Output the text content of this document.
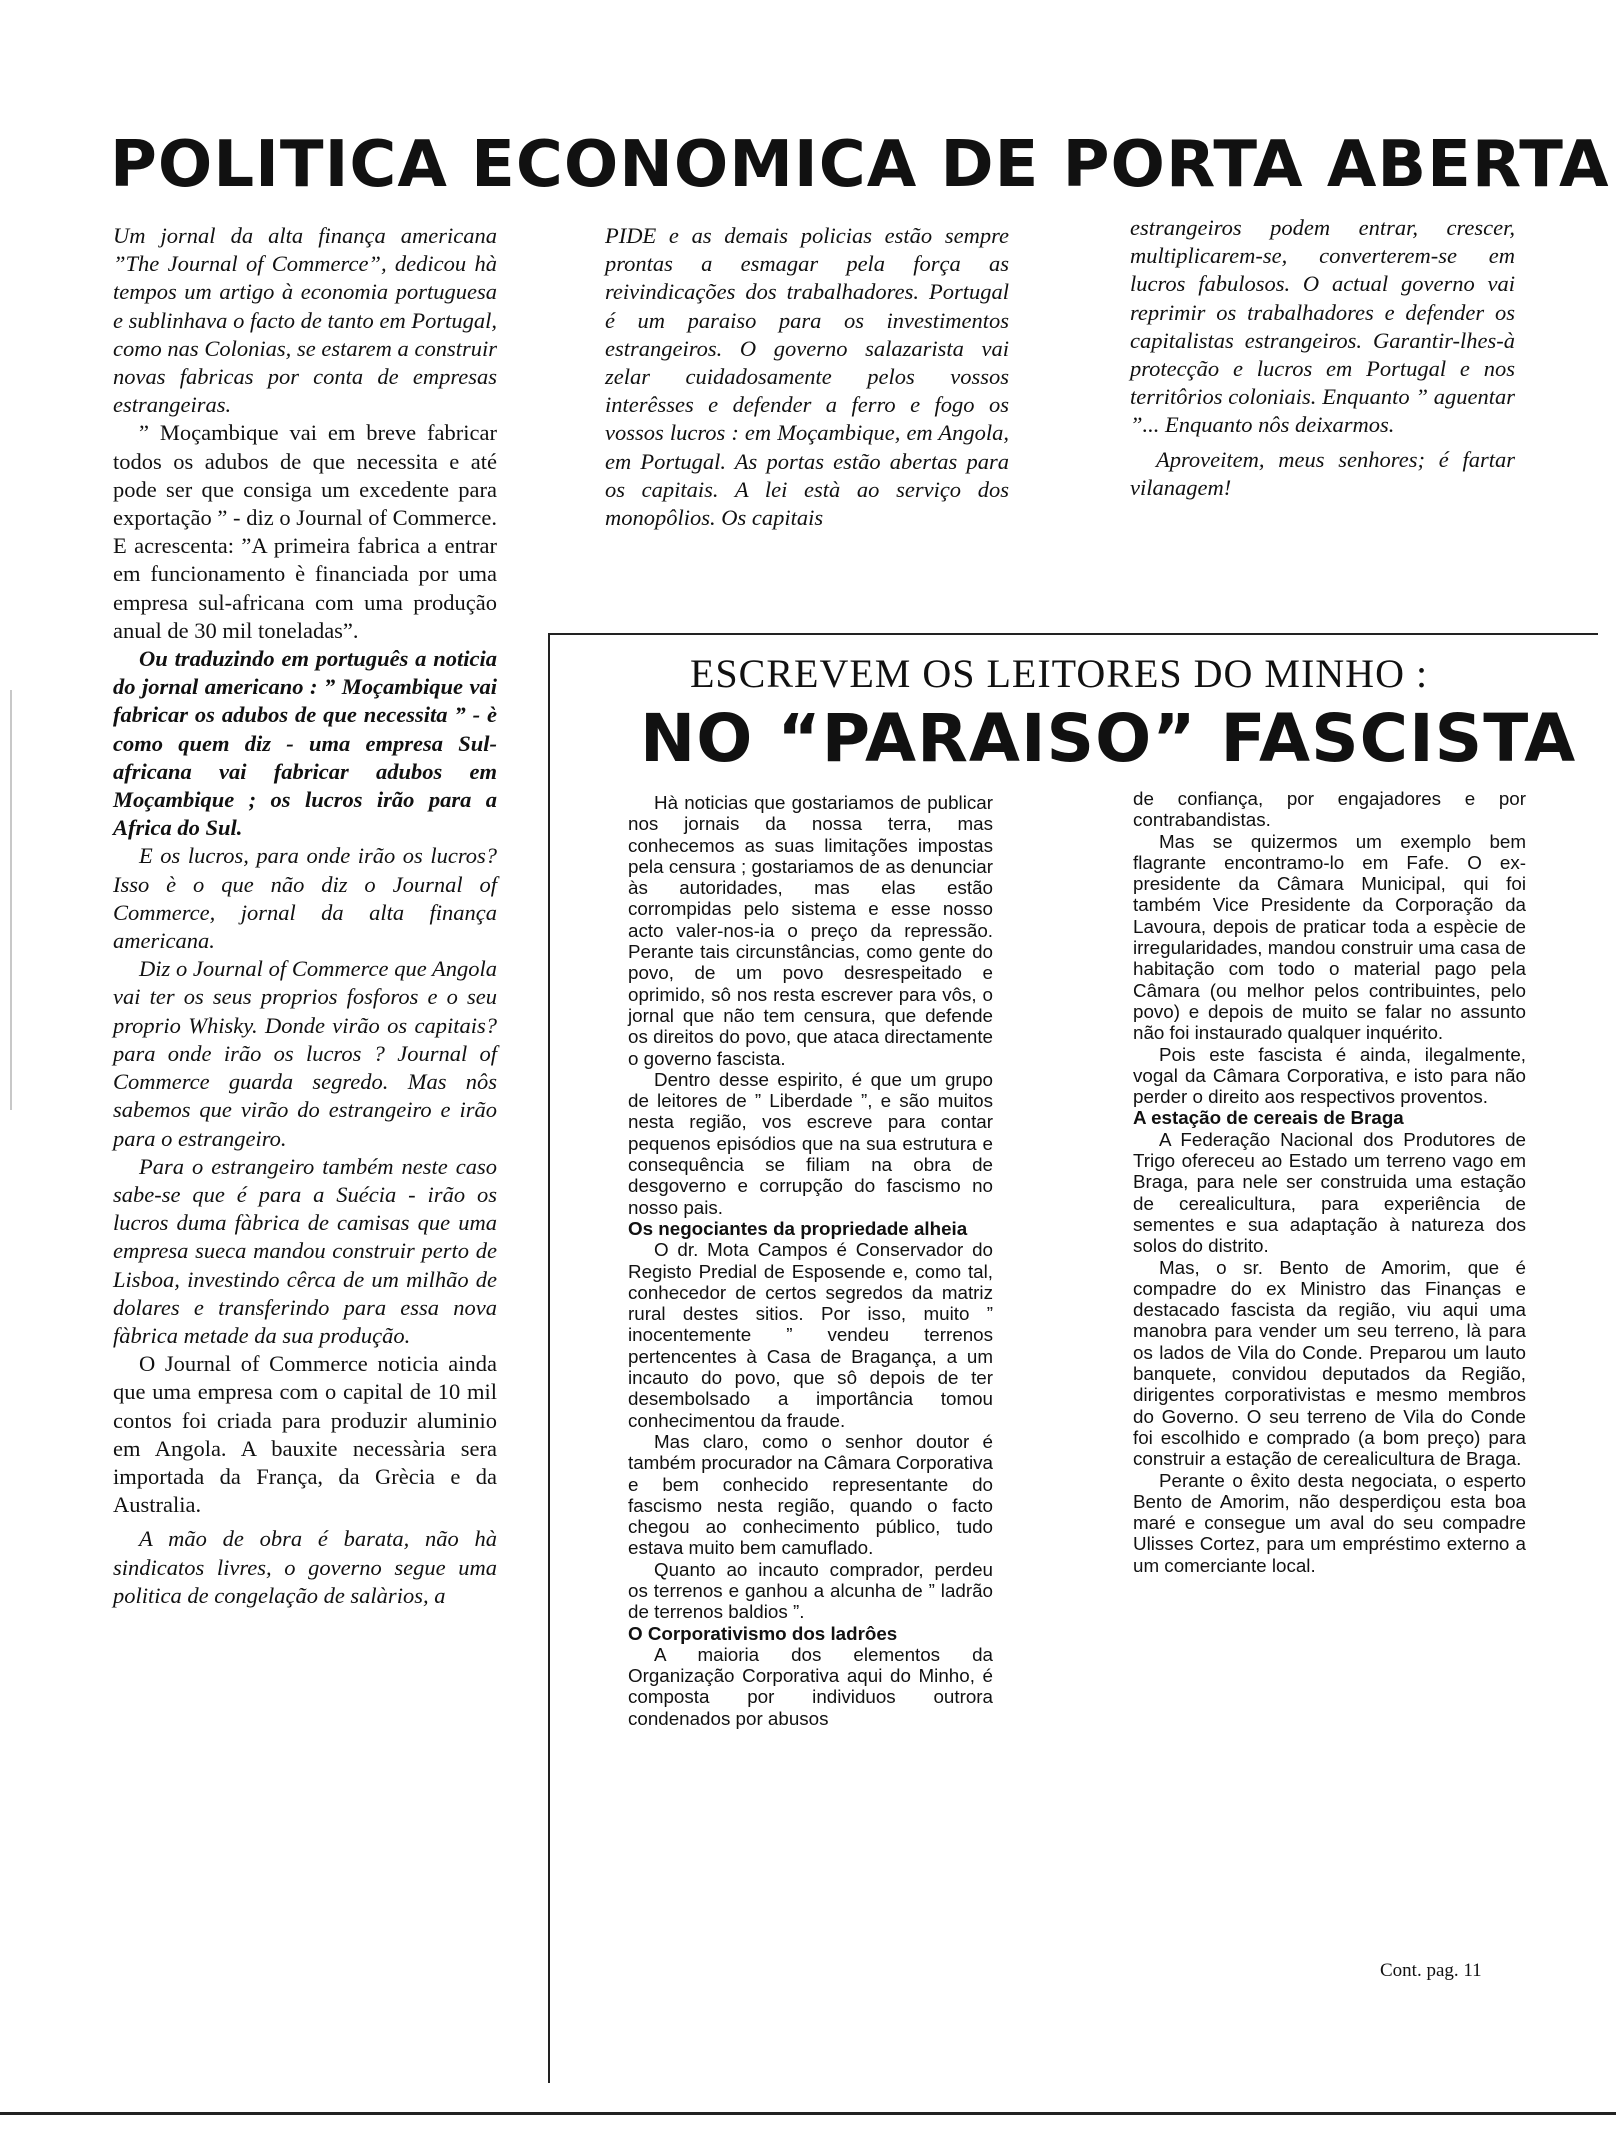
POLITICA ECONOMICA DE PORTA ABERTA

Um jornal da alta finança americana ”The Journal of Commerce”, dedicou hà tempos um artigo à economia portuguesa e sublinhava o facto de tanto em Portugal, como nas Colonias, se estarem a construir novas fabricas por conta de empresas estrangeiras.

” Moçambique vai em breve fabricar todos os adubos de que necessita e até pode ser que consiga um excedente para exportação ” - diz o Journal of Commerce. E acrescenta: ”A primeira fabrica a entrar em funcionamento è financiada por uma empresa sul-africana com uma produção anual de 30 mil toneladas”.

Ou traduzindo em português a noticia do jornal americano : ” Moçambique vai fabricar os adubos de que necessita ” - è como quem diz - uma empresa Sul-africana vai fabricar adubos em Moçambique ; os lucros irão para a Africa do Sul.

E os lucros, para onde irão os lucros? Isso è o que não diz o Journal of Commerce, jornal da alta finança americana.

Diz o Journal of Commerce que Angola vai ter os seus proprios fosforos e o seu proprio Whisky. Donde virão os capitais? para onde irão os lucros ? Journal of Commerce guarda segredo. Mas nôs sabemos que virão do estrangeiro e irão para o estrangeiro.

Para o estrangeiro também neste caso sabe-se que é para a Suécia - irão os lucros duma fàbrica de camisas que uma empresa sueca mandou construir perto de Lisboa, investindo cêrca de um milhão de dolares e transferindo para essa nova fàbrica metade da sua produção.

O Journal of Commerce noticia ainda que uma empresa com o capital de 10 mil contos foi criada para produzir aluminio em Angola. A bauxite necessària sera importada da França, da Grècia e da Australia.

A mão de obra é barata, não hà sindicatos livres, o governo segue uma politica de congelação de salàrios, a

PIDE e as demais policias estão sempre prontas a esmagar pela força as reivindicações dos trabalhadores. Portugal é um paraiso para os investimentos estrangeiros. O governo salazarista vai zelar cuidadosamente pelos vossos interêsses e defender a ferro e fogo os vossos lucros : em Moçambique, em Angola, em Portugal. As portas estão abertas para os capitais. A lei està ao serviço dos monopôlios. Os capitais

estrangeiros podem entrar, crescer, multiplicarem-se, converterem-se em lucros fabulosos. O actual governo vai reprimir os trabalhadores e defender os capitalistas estrangeiros. Garantir-lhes-à protecção e lucros em Portugal e nos territôrios coloniais. Enquanto ” aguentar ”... Enquanto nôs deixarmos.

Aproveitem, meus senhores; é fartar vilanagem!

ESCREVEM OS LEITORES DO MINHO :
NO “PARAISO” FASCISTA

Hà noticias que gostariamos de publicar nos jornais da nossa terra, mas conhecemos as suas limitações impostas pela censura ; gostariamos de as denunciar às autoridades, mas elas estão corrompidas pelo sistema e esse nosso acto valer-nos-ia o preço da repressão. Perante tais circunstâncias, como gente do povo, de um povo desrespeitado e oprimido, sô nos resta escrever para vôs, o jornal que não tem censura, que defende os direitos do povo, que ataca directamente o governo fascista.

Dentro desse espirito, é que um grupo de leitores de ” Liberdade ”, e são muitos nesta região, vos escreve para contar pequenos episódios que na sua estrutura e consequência se filiam na obra de desgoverno e corrupção do fascismo no nosso pais.

Os negociantes da propriedade alheia

O dr. Mota Campos é Conservador do Registo Predial de Esposende e, como tal, conhecedor de certos segredos da matriz rural destes sitios. Por isso, muito ” inocentemente ” vendeu terrenos pertencentes à Casa de Bragança, a um incauto do povo, que sô depois de ter desembolsado a importância tomou conhecimentou da fraude.

Mas claro, como o senhor doutor é também procurador na Câmara Corporativa e bem conhecido representante do fascismo nesta região, quando o facto chegou ao conhecimento público, tudo estava muito bem camuflado.

Quanto ao incauto comprador, perdeu os terrenos e ganhou a alcunha de ” ladrão de terrenos baldios ”.

O Corporativismo dos ladrôes

A maioria dos elementos da Organização Corporativa aqui do Minho, é composta por individuos outrora condenados por abusos

de confiança, por engajadores e por contrabandistas.

Mas se quizermos um exemplo bem flagrante encontramo-lo em Fafe. O ex-presidente da Câmara Municipal, qui foi também Vice Presidente da Corporação da Lavoura, depois de praticar toda a espècie de irregularidades, mandou construir uma casa de habitação com todo o material pago pela Câmara (ou melhor pelos contribuintes, pelo povo) e depois de muito se falar no assunto não foi instaurado qualquer inquérito.

Pois este fascista é ainda, ilegalmente, vogal da Câmara Corporativa, e isto para não perder o direito aos respectivos proventos.

A estação de cereais de Braga

A Federação Nacional dos Produtores de Trigo ofereceu ao Estado um terreno vago em Braga, para nele ser construida uma estação de cerealicultura, para experiência de sementes e sua adaptação à natureza dos solos do distrito.

Mas, o sr. Bento de Amorim, que é compadre do ex Ministro das Finanças e destacado fascista da região, viu aqui uma manobra para vender um seu terreno, là para os lados de Vila do Conde. Preparou um lauto banquete, convidou deputados da Região, dirigentes corporativistas e mesmo membros do Governo. O seu terreno de Vila do Conde foi escolhido e comprado (a bom preço) para construir a estação de cerealicultura de Braga.

Perante o êxito desta negociata, o esperto Bento de Amorim, não desperdiçou esta boa maré e consegue um aval do seu compadre Ulisses Cortez, para um empréstimo externo a um comerciante local.

Cont. pag. 11
